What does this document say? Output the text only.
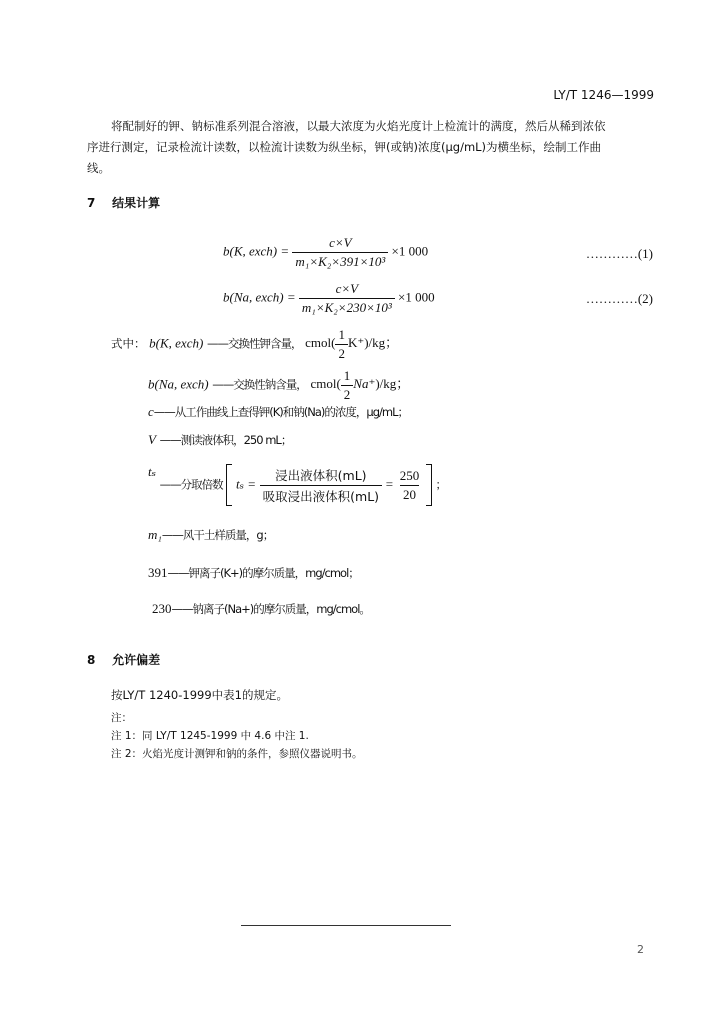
LY/T 1246—1999
将配制好的钾、钠标准系列混合溶液，以最大浓度为火焰光度计上检流计的满度，然后从稀到浓依
序进行测定，记录检流计读数，以检流计读数为纵坐标，钾(或钠)浓度(μg/mL)为横坐标，绘制工作曲
线。
7 结果计算
b(K, exch) = $\frac{c\times V}{\text{m₁×K₂×391×10³}} \times 1$ 000	…………(1)
b(Na, exch) = $\frac{c\times V}{\text{m₁×K₂×230×10³}} \times 1$ 000	…………(2)
式中： b(K, exch) ——交换性钾含量， cmol( $\frac{1}{2} K^+)/kg$；
b(Na, exch) ——交换性钠含量， cmol( $\frac{1}{2} Na^+)/kg$；
c——从工作曲线上查得钾(K)和钠(Na)的浓度，μg/mL；
V ——测读液体积，250 mL；
tₛ ——分取倍数 $t_s = \frac{\text{浸出液体积(mL)}}{\text{吸取浸出液体积(mL)}} = \frac{250}{20}$ ；
m₁——风干土样质量，g；
391——钾离子(K+)的摩尔质量，mg/cmol；
230——钠离子(Na+)的摩尔质量，mg/cmol。
8 允许偏差
按LY/T 1240-1999中表1的规定。
注：
注 1：同 LY/T 1245-1999 中 4.6 中注 1.
注 2：火焰光度计测钾和钠的条件，参照仪器说明书。
2
